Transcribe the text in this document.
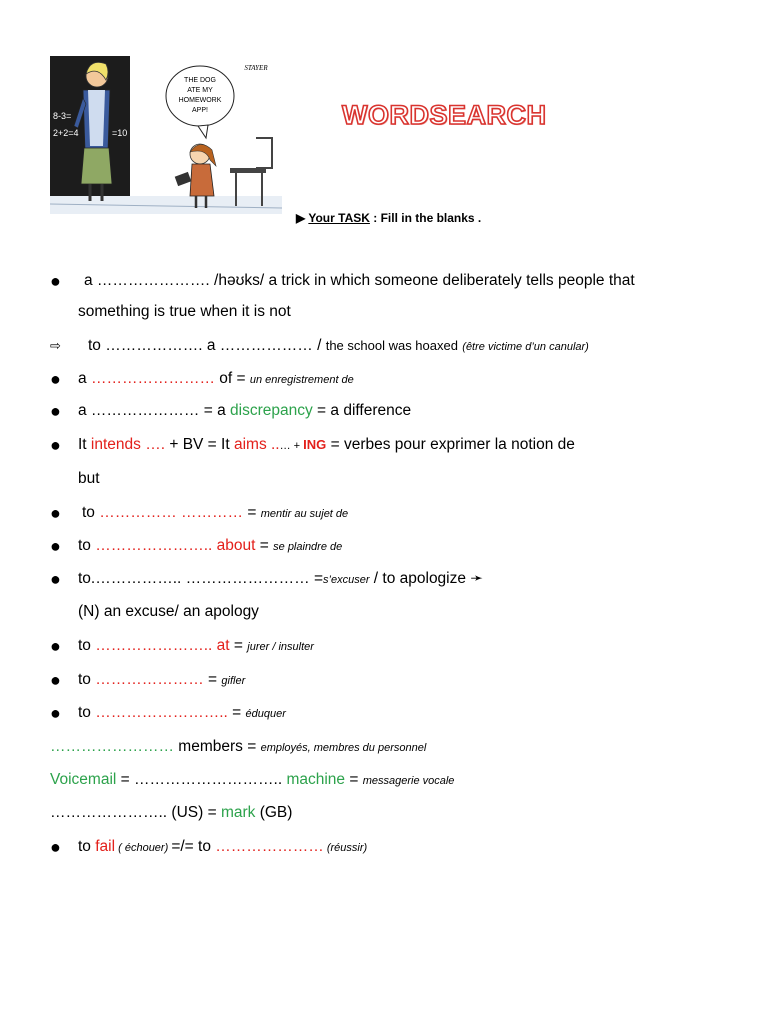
8-3=
2+2=4	=10
THE DOG
ATE MY
HOMEWORK
APP!
STAYER
WORDSEARCH
▶ Your TASK : Fill in the blanks .
● a …………………. /həʊks/ a trick in which someone deliberately tells people that
something is true when it is not
⇨ to ………………. a ……………… / the school was hoaxed (être victime d’un canular)
● a …………………… of = un enregistrement de
● a ………………… = a discrepancy = a difference
● It intends …. + BV = It aims ..… + ING = verbes pour exprimer la notion de
but
● to …………… ………… = mentir au sujet de
● to ………………….. about = se plaindre de
● to.…………….. …………………… =s’excuser / to apologize ➛
(N) an excuse/ an apology
● to ………………….. at = jurer / insulter
● to ………………… = gifler
● to …………………….. = éduquer
…………………… members = employés, membres du personnel
Voicemail = ……………………….. machine = messagerie vocale
………………….. (US) = mark (GB)
● to fail ( échouer) =/= to ………………… (réussir)
